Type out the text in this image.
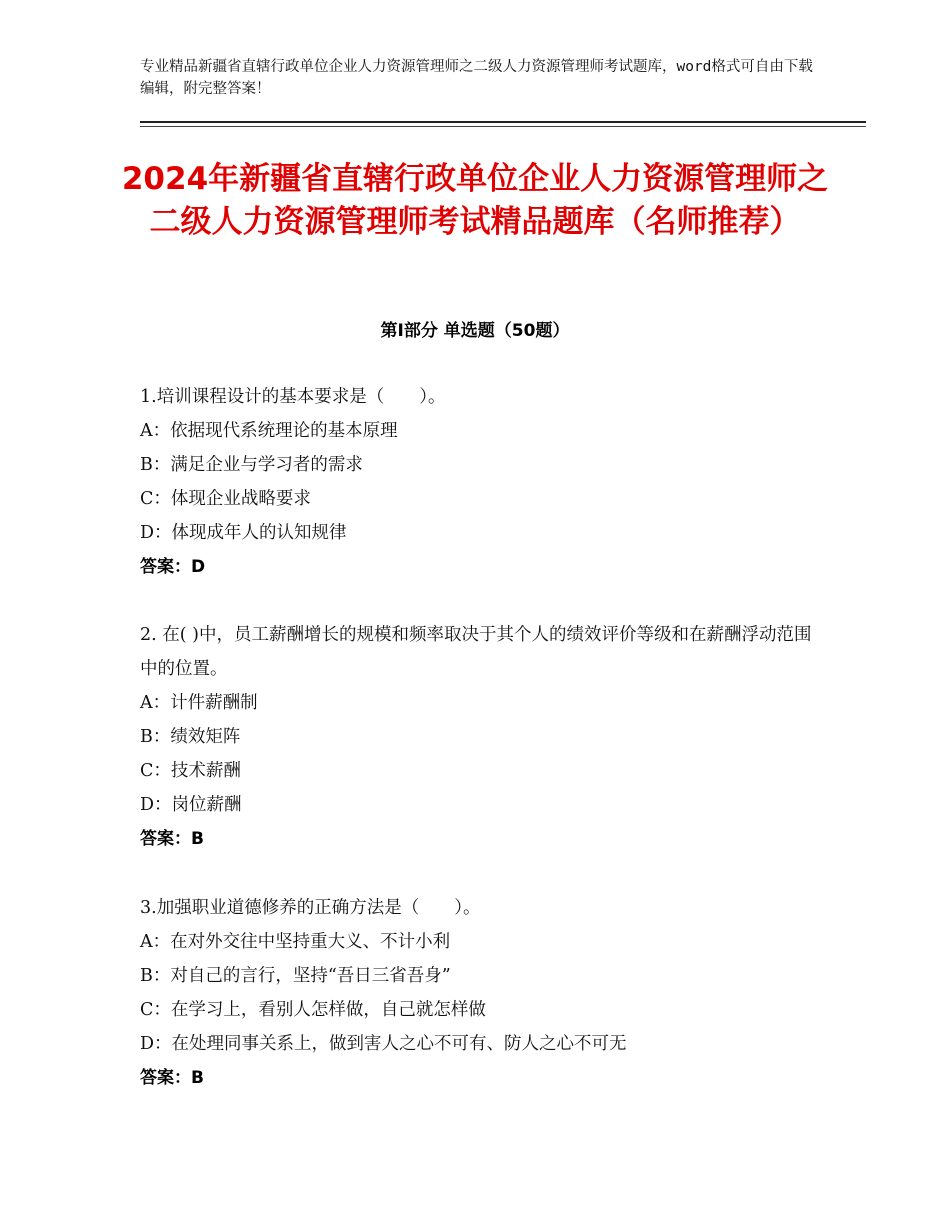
专业精品新疆省直辖行政单位企业人力资源管理师之二级人力资源管理师考试题库，word格式可自由下载编辑，附完整答案！
2024年新疆省直辖行政单位企业人力资源管理师之二级人力资源管理师考试精品题库（名师推荐）
第Ⅰ部分 单选题（50题）
1.培训课程设计的基本要求是（　　）。
A：依据现代系统理论的基本原理
B：满足企业与学习者的需求
C：体现企业战略要求
D：体现成年人的认知规律
答案：D
2. 在( )中，员工薪酬增长的规模和频率取决于其个人的绩效评价等级和在薪酬浮动范围中的位置。
A：计件薪酬制
B：绩效矩阵
C：技术薪酬
D：岗位薪酬
答案：B
3.加强职业道德修养的正确方法是（　　）。
A：在对外交往中坚持重大义、不计小利
B：对自己的言行，坚持“吾日三省吾身”
C：在学习上，看别人怎样做，自己就怎样做
D：在处理同事关系上，做到害人之心不可有、防人之心不可无
答案：B
